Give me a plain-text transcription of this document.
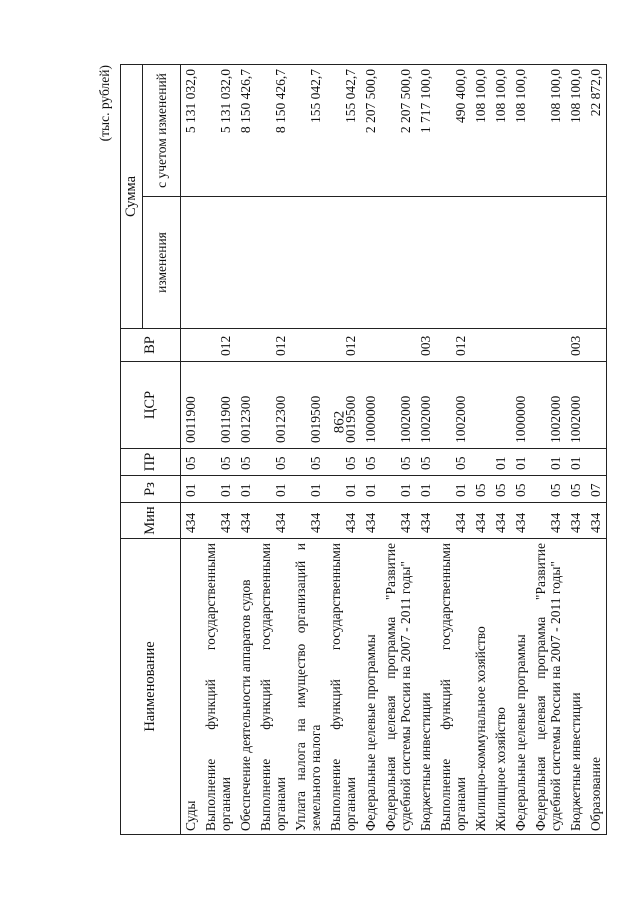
862
(тыс. рублей)
Наименование	Мин	Рз	ПР	ЦСР	ВР	Сумма	
						изменения	с учетом изменений
Суды	434	01	05	0011900			5 131 032,0
Выполнение функций государственными органами	434	01	05	0011900	012		5 131 032,0
Обеспечение деятельности аппаратов судов	434	01	05	0012300			8 150 426,7
Выполнение функций государственными органами	434	01	05	0012300	012		8 150 426,7
Уплата налога на имущество организаций и земельного налога	434	01	05	0019500			155 042,7
Выполнение функций государственными органами	434	01	05	0019500	012		155 042,7
Федеральные целевые программы	434	01	05	1000000			2 207 500,0
Федеральная целевая программа "Развитие судебной системы России на 2007 - 2011 годы"	434	01	05	1002000			2 207 500,0
Бюджетные инвестиции	434	01	05	1002000	003		1 717 100,0
Выполнение функций государственными органами	434	01	05	1002000	012		490 400,0
Жилищно-коммунальное хозяйство	434	05					108 100,0
Жилищное хозяйство	434	05	01				108 100,0
Федеральные целевые программы	434	05	01	1000000			108 100,0
Федеральная целевая программа "Развитие судебной системы России на 2007 - 2011 годы"	434	05	01	1002000			108 100,0
Бюджетные инвестиции	434	05	01	1002000	003		108 100,0
Образование	434	07					22 872,0
